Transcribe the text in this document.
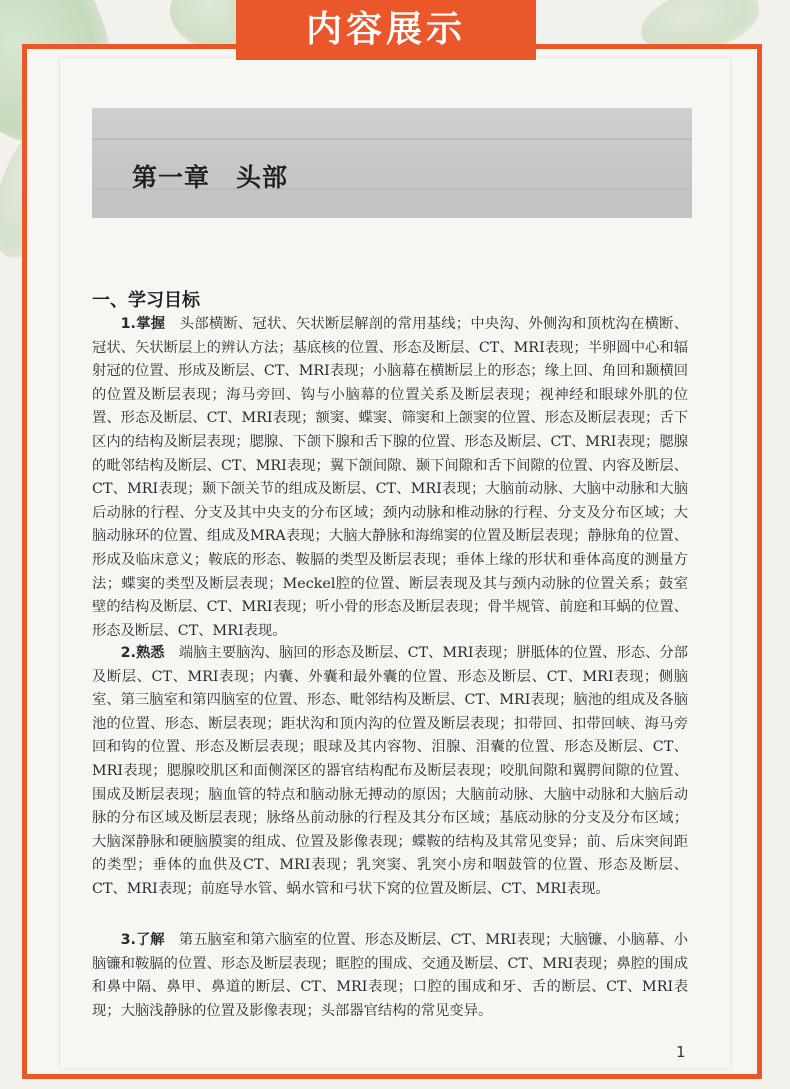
内容展示
第一章　头部
一、学习目标
1.掌握　 头部横断、冠状、矢状断层解剖的常用基线；中央沟、外侧沟和顶枕沟在横断、冠状、矢状断层上的辨认方法；基底核的位置、形态及断层、CT、MRI表现；半卵圆中心和辐射冠的位置、形成及断层、CT、MRI表现；小脑幕在横断层上的形态；缘上回、角回和颞横回的位置及断层表现；海马旁回、钩与小脑幕的位置关系及断层表现；视神经和眼球外肌的位置、形态及断层、CT、MRI表现；额窦、蝶窦、筛窦和上颌窦的位置、形态及断层表现；舌下区内的结构及断层表现；腮腺、下颌下腺和舌下腺的位置、形态及断层、CT、MRI表现；腮腺的毗邻结构及断层、CT、MRI表现；翼下颌间隙、颞下间隙和舌下间隙的位置、内容及断层、CT、MRI表现；颞下颌关节的组成及断层、CT、MRI表现；大脑前动脉、大脑中动脉和大脑后动脉的行程、分支及其中央支的分布区域；颈内动脉和椎动脉的行程、分支及分布区域；大脑动脉环的位置、组成及MRA表现；大脑大静脉和海绵窦的位置及断层表现；静脉角的位置、形成及临床意义；鞍底的形态、鞍膈的类型及断层表现；垂体上缘的形状和垂体高度的测量方法；蝶窦的类型及断层表现；Meckel腔的位置、断层表现及其与颈内动脉的位置关系；鼓室壁的结构及断层、CT、MRI表现；听小骨的形态及断层表现；骨半规管、前庭和耳蜗的位置、形态及断层、CT、MRI表现。
2.熟悉　 端脑主要脑沟、脑回的形态及断层、CT、MRI表现；胼胝体的位置、形态、分部及断层、CT、MRI表现；内囊、外囊和最外囊的位置、形态及断层、CT、MRI表现；侧脑室、第三脑室和第四脑室的位置、形态、毗邻结构及断层、CT、MRI表现；脑池的组成及各脑池的位置、形态、断层表现；距状沟和顶内沟的位置及断层表现；扣带回、扣带回峡、海马旁回和钩的位置、形态及断层表现；眼球及其内容物、泪腺、泪囊的位置、形态及断层、CT、MRI表现；腮腺咬肌区和面侧深区的器官结构配布及断层表现；咬肌间隙和翼腭间隙的位置、围成及断层表现；脑血管的特点和脑动脉无搏动的原因；大脑前动脉、大脑中动脉和大脑后动脉的分布区域及断层表现；脉络丛前动脉的行程及其分布区域；基底动脉的分支及分布区域；大脑深静脉和硬脑膜窦的组成、位置及影像表现；蝶鞍的结构及其常见变异；前、后床突间距的类型；垂体的血供及CT、MRI表现；乳突窦、乳突小房和咽鼓管的位置、形态及断层、CT、MRI表现；前庭导水管、蜗水管和弓状下窝的位置及断层、CT、MRI表现。
3.了解　 第五脑室和第六脑室的位置、形态及断层、CT、MRI表现；大脑镰、小脑幕、小脑镰和鞍膈的位置、形态及断层表现；眶腔的围成、交通及断层、CT、MRI表现；鼻腔的围成和鼻中隔、鼻甲、鼻道的断层、CT、MRI表现；口腔的围成和牙、舌的断层、CT、MRI表现；大脑浅静脉的位置及影像表现；头部器官结构的常见变异。
1
